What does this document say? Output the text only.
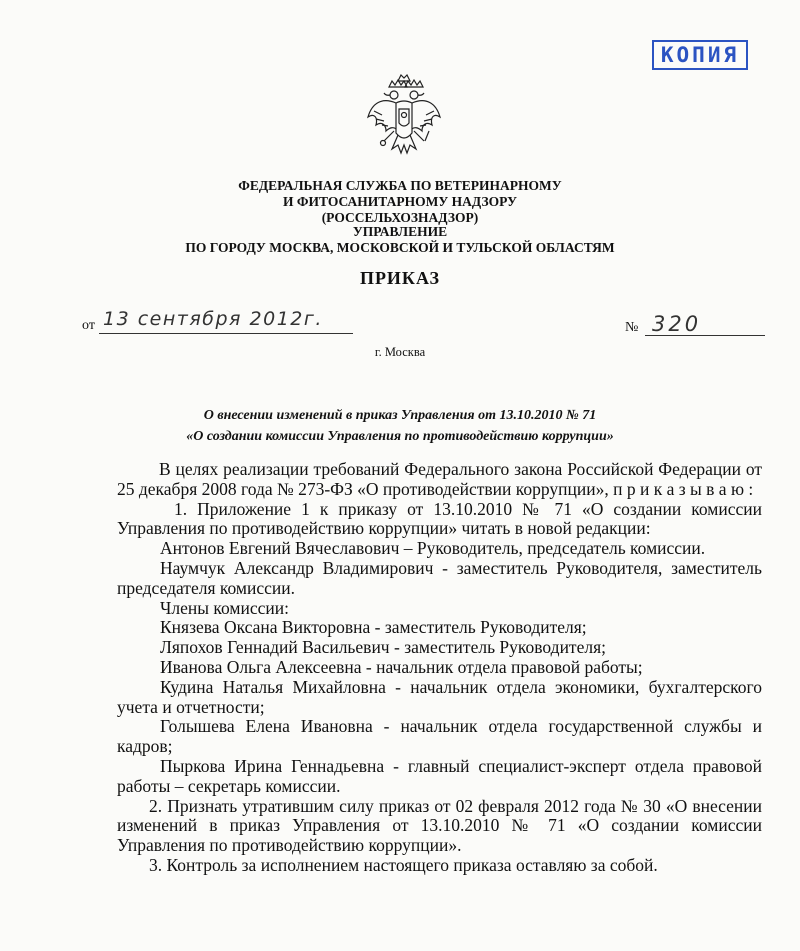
КОПИЯ
ФЕДЕРАЛЬНАЯ СЛУЖБА ПО ВЕТЕРИНАРНОМУ
И ФИТОСАНИТАРНОМУ НАДЗОРУ
(РОССЕЛЬХОЗНАДЗОР)
УПРАВЛЕНИЕ
ПО ГОРОДУ МОСКВА, МОСКОВСКОЙ И ТУЛЬСКОЙ ОБЛАСТЯМ
ПРИКАЗ
от 13 сентября 2012г.	№ 320
г. Москва
О внесении изменений в приказ Управления от 13.10.2010 № 71
«О создании комиссии Управления по противодействию коррупции»

В целях реализации требований Федерального закона Российской Федерации от 25 декабря 2008 года № 273-ФЗ «О противодействии коррупции», п р и к а з ы в а ю :

1. Приложение 1 к приказу от 13.10.2010 № 71 «О создании комиссии Управления по противодействию коррупции» читать в новой редакции:

Антонов Евгений Вячеславович – Руководитель, председатель комиссии.

Наумчук Александр Владимирович - заместитель Руководителя, заместитель председателя комиссии.

Члены комиссии:

Князева Оксана Викторовна - заместитель Руководителя;

Ляпохов Геннадий Васильевич - заместитель Руководителя;

Иванова Ольга Алексеевна - начальник отдела правовой работы;

Кудина Наталья Михайловна - начальник отдела экономики, бухгалтерского учета и отчетности;

Голышева Елена Ивановна - начальник отдела государственной службы и кадров;

Пыркова Ирина Геннадьевна - главный специалист-эксперт отдела правовой работы – секретарь комиссии.

2. Признать утратившим силу приказ от 02 февраля 2012 года № 30 «О внесении изменений в приказ Управления от 13.10.2010 № 71 «О создании комиссии Управления по противодействию коррупции».

3. Контроль за исполнением настоящего приказа оставляю за собой.
